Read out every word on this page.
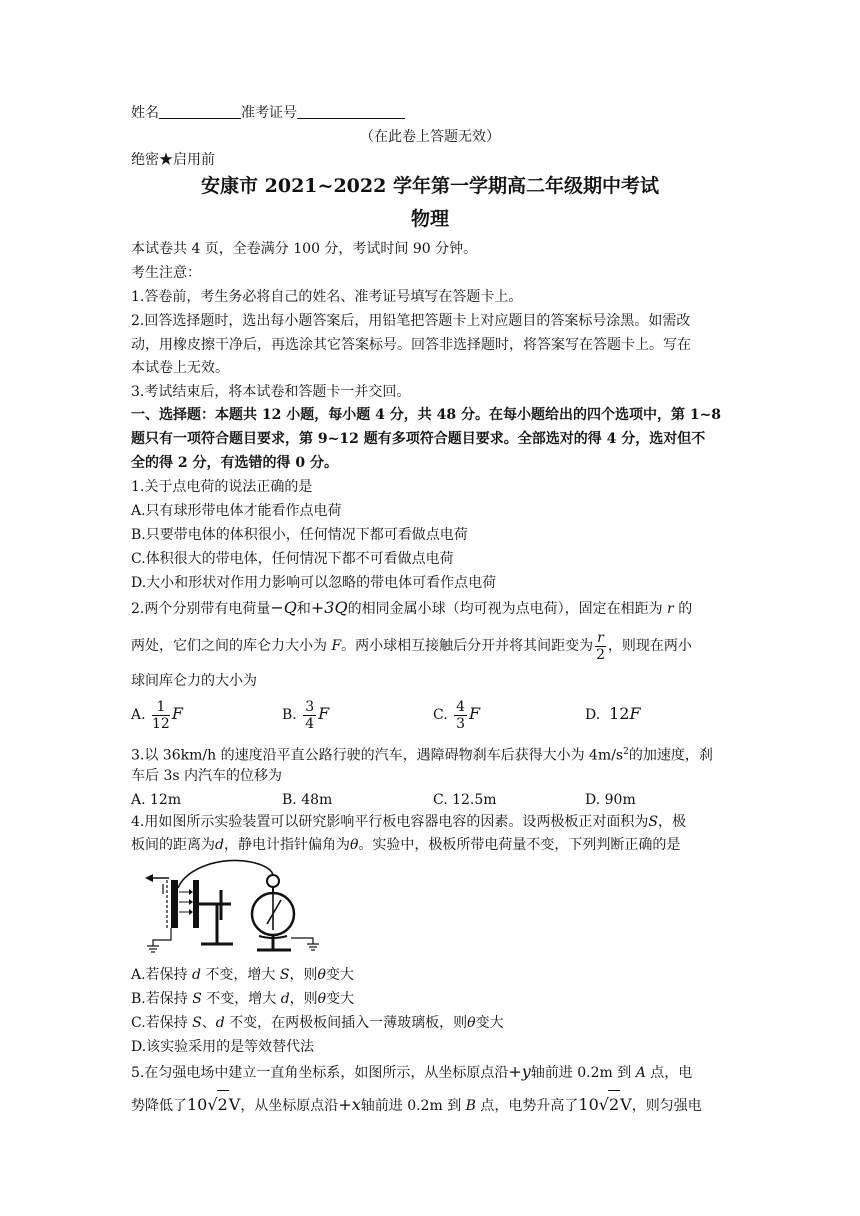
姓名	准考证号
（在此卷上答题无效）
绝密★启用前
安康市 2021~2022 学年第一学期高二年级期中考试
物理
本试卷共 4 页，全卷满分 100 分，考试时间 90 分钟。
考生注意：
1.答卷前，考生务必将自己的姓名、准考证号填写在答题卡上。
2.回答选择题时，选出每小题答案后，用铅笔把答题卡上对应题目的答案标号涂黑。如需改
动，用橡皮擦干净后，再选涂其它答案标号。回答非选择题时，将答案写在答题卡上。写在
本试卷上无效。
3.考试结束后，将本试卷和答题卡一并交回。
一、选择题：本题共 12 小题，每小题 4 分，共 48 分。在每小题给出的四个选项中，第 1~8
题只有一项符合题目要求，第 9~12 题有多项符合题目要求。全部选对的得 4 分，选对但不
全的得 2 分，有选错的得 0 分。
1.关于点电荷的说法正确的是
A.只有球形带电体才能看作点电荷
B.只要带电体的体积很小，任何情况下都可看做点电荷
C.体积很大的带电体，任何情况下都不可看做点电荷
D.大小和形状对作用力影响可以忽略的带电体可看作点电荷
2.两个分别带有电荷量−Q和+3Q的相同金属小球（均可视为点电荷），固定在相距为 r 的
两处，它们之间的库仑力大小为 F。两小球相互接触后分开并将其间距变为 $\frac{r}{2}$ ，则现在两小
球间库仑力的大小为
A. $\frac{1}{12}$ F	B. $\frac{3}{4}$ F	C. $\frac{4}{3}$ F	D. 12F
3.以 36km/h 的速度沿平直公路行驶的汽车，遇障碍物刹车后获得大小为 $4m/s^2$的加速度，刹
车后 3s 内汽车的位移为
A. 12m	B. 48m	C. 12.5m	D. 90m
4.用如图所示实验装置可以研究影响平行板电容器电容的因素。设两极板正对面积为S，极
板间的距离为d，静电计指针偏角为θ。实验中，极板所带电荷量不变，下列判断正确的是
A.若保持 d 不变，增大 S，则θ变大
B.若保持 S 不变，增大 d，则θ变大
C.若保持 S、d 不变，在两极板间插入一薄玻璃板，则θ变大
D.该实验采用的是等效替代法
5.在匀强电场中建立一直角坐标系，如图所示，从坐标原点沿+y轴前进 0.2m 到 A 点，电
势降低了10√2V，从坐标原点沿+x轴前进 0.2m 到 B 点，电势升高了10√2V，则匀强电
